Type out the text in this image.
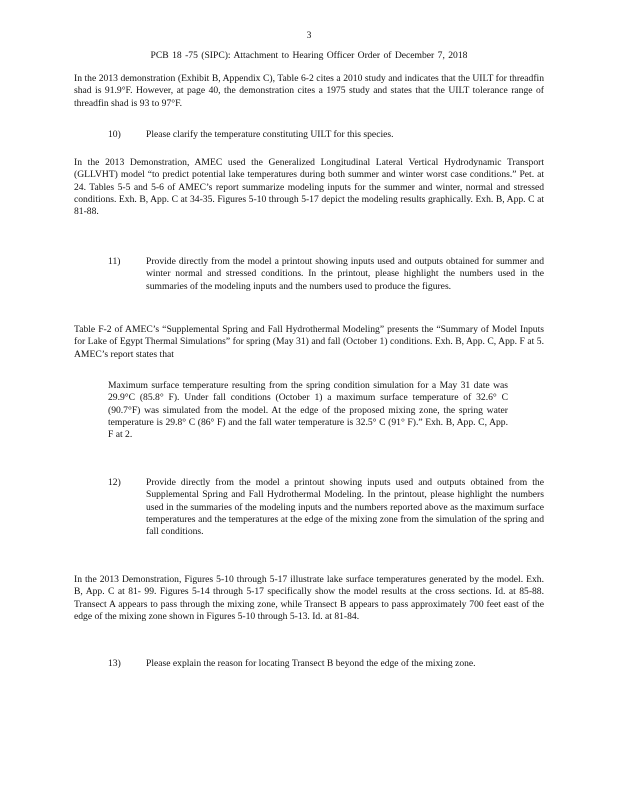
3
PCB 18 -75 (SIPC): Attachment to Hearing Officer Order of December 7, 2018
In the 2013 demonstration (Exhibit B, Appendix C), Table 6-2 cites a 2010 study and indicates that the UILT for threadfin shad is 91.9°F. However, at page 40, the demonstration cites a 1975 study and states that the UILT tolerance range of threadfin shad is 93 to 97°F.
10)	Please clarify the temperature constituting UILT for this species.
In the 2013 Demonstration, AMEC used the Generalized Longitudinal Lateral Vertical Hydrodynamic Transport (GLLVHT) model “to predict potential lake temperatures during both summer and winter worst case conditions.” Pet. at 24. Tables 5-5 and 5-6 of AMEC’s report summarize modeling inputs for the summer and winter, normal and stressed conditions. Exh. B, App. C at 34-35. Figures 5-10 through 5-17 depict the modeling results graphically. Exh. B, App. C at 81-88.
11)	Provide directly from the model a printout showing inputs used and outputs obtained for summer and winter normal and stressed conditions. In the printout, please highlight the numbers used in the summaries of the modeling inputs and the numbers used to produce the figures.
Table F-2 of AMEC’s “Supplemental Spring and Fall Hydrothermal Modeling” presents the “Summary of Model Inputs for Lake of Egypt Thermal Simulations” for spring (May 31) and fall (October 1) conditions. Exh. B, App. C, App. F at 5. AMEC’s report states that
Maximum surface temperature resulting from the spring condition simulation for a May 31 date was 29.9°C (85.8° F). Under fall conditions (October 1) a maximum surface temperature of 32.6° C (90.7°F) was simulated from the model. At the edge of the proposed mixing zone, the spring water temperature is 29.8° C (86° F) and the fall water temperature is 32.5° C (91° F).” Exh. B, App. C, App. F at 2.
12)	Provide directly from the model a printout showing inputs used and outputs obtained from the Supplemental Spring and Fall Hydrothermal Modeling. In the printout, please highlight the numbers used in the summaries of the modeling inputs and the numbers reported above as the maximum surface temperatures and the temperatures at the edge of the mixing zone from the simulation of the spring and fall conditions.
In the 2013 Demonstration, Figures 5-10 through 5-17 illustrate lake surface temperatures generated by the model. Exh. B, App. C at 81- 99. Figures 5-14 through 5-17 specifically show the model results at the cross sections. Id. at 85-88. Transect A appears to pass through the mixing zone, while Transect B appears to pass approximately 700 feet east of the edge of the mixing zone shown in Figures 5-10 through 5-13. Id. at 81-84.
13)	Please explain the reason for locating Transect B beyond the edge of the mixing zone.
